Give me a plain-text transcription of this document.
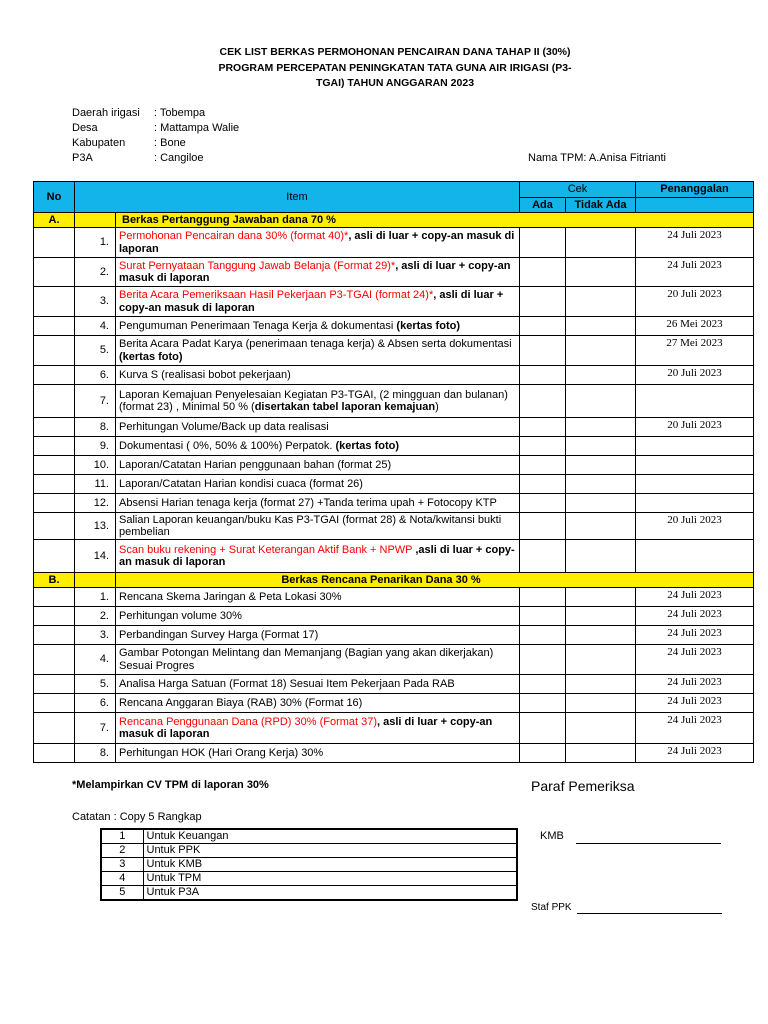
CEK LIST BERKAS PERMOHONAN PENCAIRAN DANA TAHAP II (30%)
PROGRAM PERCEPATAN PENINGKATAN TATA GUNA AIR IRIGASI (P3-
TGAI) TAHUN ANGGARAN 2023
Daerah irigasi : Tobempa
Desa	: Mattampa Walie
Kabupaten	: Bone
P3A	: Cangiloe	Nama TPM: A.Anisa Fitrianti
No	Item		Cek		Penanggalan
			Ada	Tidak Ada	
A.		Berkas Pertanggung Jawaban dana 70 %			
	1.	Permohonan Pencairan dana 30% (format 40)*, asli di luar + copy-an masuk di laporan			24 Juli 2023
	2.	Surat Pernyataan Tanggung Jawab Belanja (Format 29)*, asli di luar + copy-an masuk di laporan			24 Juli 2023
	3.	Berita Acara Pemeriksaan Hasil Pekerjaan P3-TGAI (format 24)*, asli di luar + copy-an masuk di laporan			20 Juli 2023
	4.	Pengumuman Penerimaan Tenaga Kerja & dokumentasi (kertas foto)			26 Mei 2023
	5.	Berita Acara Padat Karya (penerimaan tenaga kerja) & Absen serta dokumentasi (kertas foto)			27 Mei 2023
	6.	Kurva S (realisasi bobot pekerjaan)			20 Juli 2023
	7.	Laporan Kemajuan Penyelesaian Kegiatan P3-TGAI, (2 mingguan dan bulanan) (format 23) , Minimal 50 % (disertakan tabel laporan kemajuan)			
	8.	Perhitungan Volume/Back up data realisasi			20 Juli 2023
	9.	Dokumentasi ( 0%, 50% & 100%) Perpatok. (kertas foto)			
	10.	Laporan/Catatan Harian penggunaan bahan (format 25)			
	11.	Laporan/Catatan Harian kondisi cuaca (format 26)			
	12.	Absensi Harian tenaga kerja (format 27) +Tanda terima upah + Fotocopy KTP			
	13.	Salian Laporan keuangan/buku Kas P3-TGAI (format 28) & Nota/kwitansi bukti pembelian			20 Juli 2023
	14.	Scan buku rekening + Surat Keterangan Aktif Bank + NPWP ,asli di luar + copy-an masuk di laporan			
B.		Berkas Rencana Penarikan Dana 30 %			
	1.	Rencana Skema Jaringan & Peta Lokasi 30%			24 Juli 2023
	2.	Perhitungan volume 30%			24 Juli 2023
	3.	Perbandingan Survey Harga (Format 17)			24 Juli 2023
	4.	Gambar Potongan Melintang dan Memanjang (Bagian yang akan dikerjakan) Sesuai Progres			24 Juli 2023
	5.	Analisa Harga Satuan (Format 18) Sesuai Item Pekerjaan Pada RAB			24 Juli 2023
	6.	Rencana Anggaran Biaya (RAB) 30% (Format 16)			24 Juli 2023
	7.	Rencana Penggunaan Dana (RPD) 30% (Format 37), asli di luar + copy-an masuk di laporan			24 Juli 2023
	8.	Perhitungan HOK (Hari Orang Kerja) 30%			24 Juli 2023
*Melampirkan CV TPM di laporan 30%	Paraf Pemeriksa
Catatan : Copy 5 Rangkap
1	Untuk Keuangan
2	Untuk PPK
3	Untuk KMB
4	Untuk TPM
5	Untuk P3A
KMB
Staf PPK
